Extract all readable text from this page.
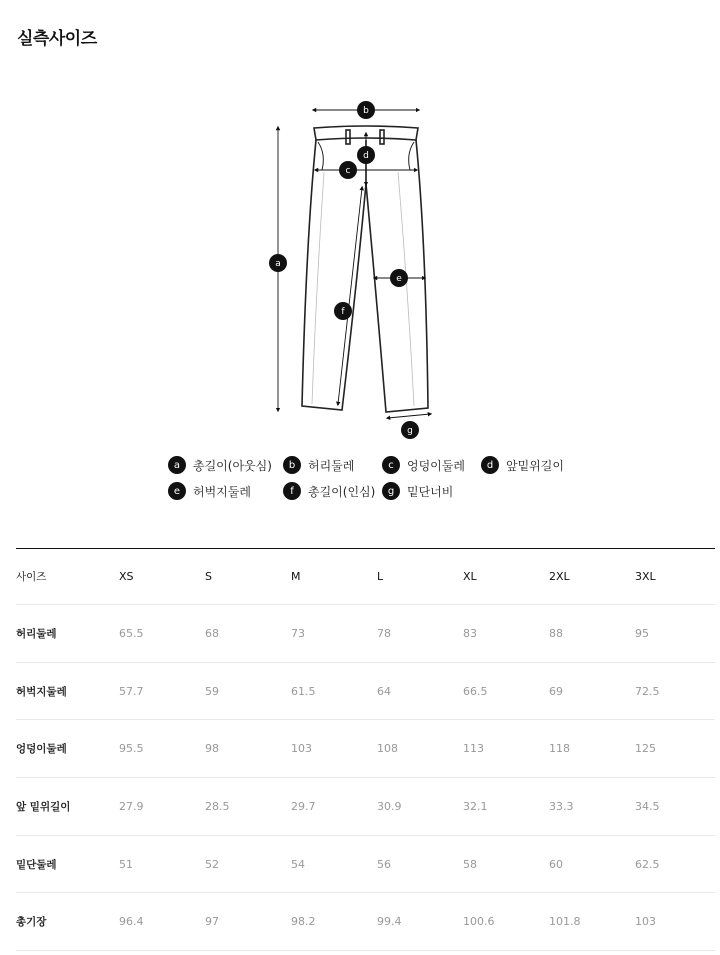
실측사이즈
a
b
c
d
e
f
g
a	총길이(아웃심)	b	허리둘레	c	엉덩이둘레	d	앞밑위길이
e	허벅지둘레	f	총길이(인심)	g	밑단너비
사이즈	XS	S	M	L	XL	2XL	3XL	
허리둘레	65.5	68	73	78	83	88	95	
허벅지둘레	57.7	59	61.5	64	66.5	69	72.5	
엉덩이둘레	95.5	98	103	108	113	118	125	
앞 밑위길이	27.9	28.5	29.7	30.9	32.1	33.3	34.5	
밑단둘레	51	52	54	56	58	60	62.5	
총기장	96.4	97	98.2	99.4	100.6	101.8	103	
